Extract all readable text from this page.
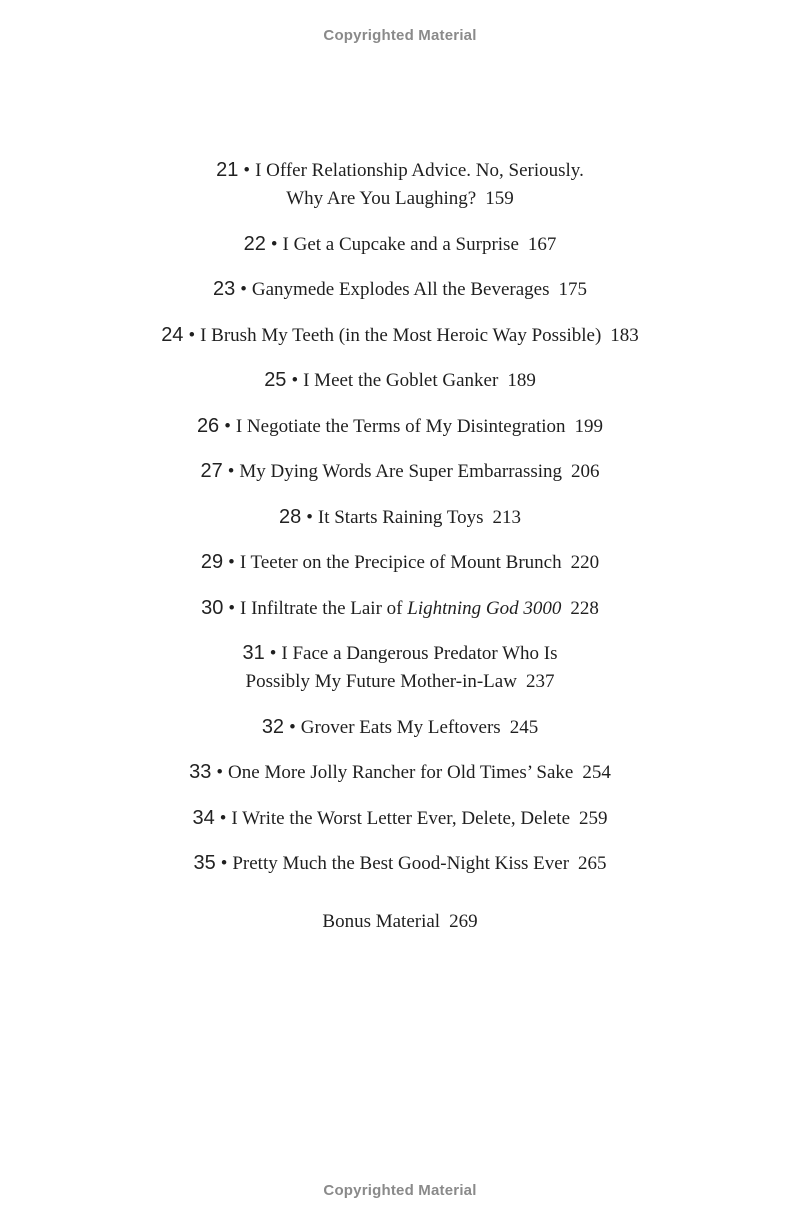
Copyrighted Material
21 • I Offer Relationship Advice. No, Seriously.
Why Are You Laughing? 159
22 • I Get a Cupcake and a Surprise 167
23 • Ganymede Explodes All the Beverages 175
24 • I Brush My Teeth (in the Most Heroic Way Possible) 183
25 • I Meet the Goblet Ganker 189
26 • I Negotiate the Terms of My Disintegration 199
27 • My Dying Words Are Super Embarrassing 206
28 • It Starts Raining Toys 213
29 • I Teeter on the Precipice of Mount Brunch 220
30 • I Infiltrate the Lair of Lightning God 3000 228
31 • I Face a Dangerous Predator Who Is
Possibly My Future Mother-in-Law 237
32 • Grover Eats My Leftovers 245
33 • One More Jolly Rancher for Old Times’ Sake 254
34 • I Write the Worst Letter Ever, Delete, Delete 259
35 • Pretty Much the Best Good-Night Kiss Ever 265
Bonus Material 269
Copyrighted Material
